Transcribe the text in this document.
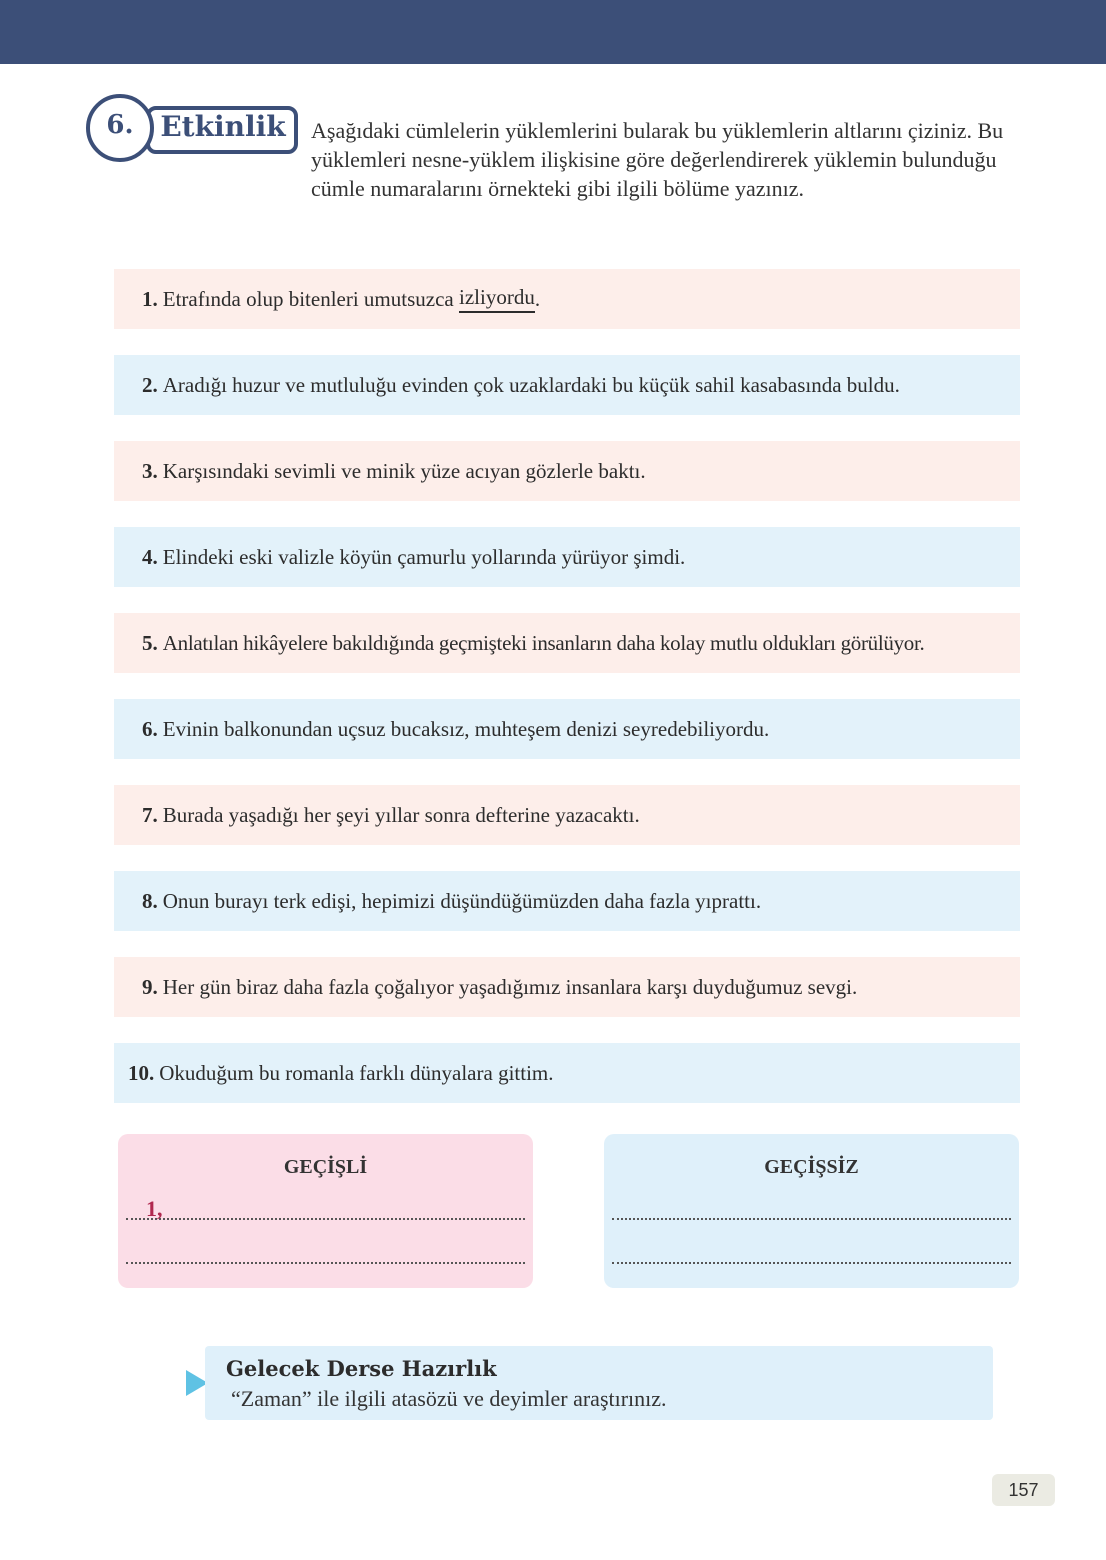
6. Etkinlik	Aşağıdaki cümlelerin yüklemlerini bularak bu yüklemlerin altlarını çiziniz. Bu yüklemleri nesne-yüklem ilişkisine göre değerlendirerek yüklemin bulunduğu cümle numaralarını örnekteki gibi ilgili bölüme yazınız.
1. Etrafında olup bitenleri umutsuzca izliyordu .
2. Aradığı huzur ve mutluluğu evinden çok uzaklardaki bu küçük sahil kasabasında buldu.
3. Karşısındaki sevimli ve minik yüze acıyan gözlerle baktı.
4. Elindeki eski valizle köyün çamurlu yollarında yürüyor şimdi.
5. Anlatılan hikâyelere bakıldığında geçmişteki insanların daha kolay mutlu oldukları görülüyor.
6. Evinin balkonundan uçsuz bucaksız, muhteşem denizi seyredebiliyordu.
7. Burada yaşadığı her şeyi yıllar sonra defterine yazacaktı.
8. Onun burayı terk edişi, hepimizi düşündüğümüzden daha fazla yıprattı.
9. Her gün biraz daha fazla çoğalıyor yaşadığımız insanlara karşı duyduğumuz sevgi.
10. Okuduğum bu romanla farklı dünyalara gittim.
GEÇİŞLİ
1,
GEÇİŞSİZ
Gelecek Derse Hazırlık
“Zaman” ile ilgili atasözü ve deyimler araştırınız.
157
